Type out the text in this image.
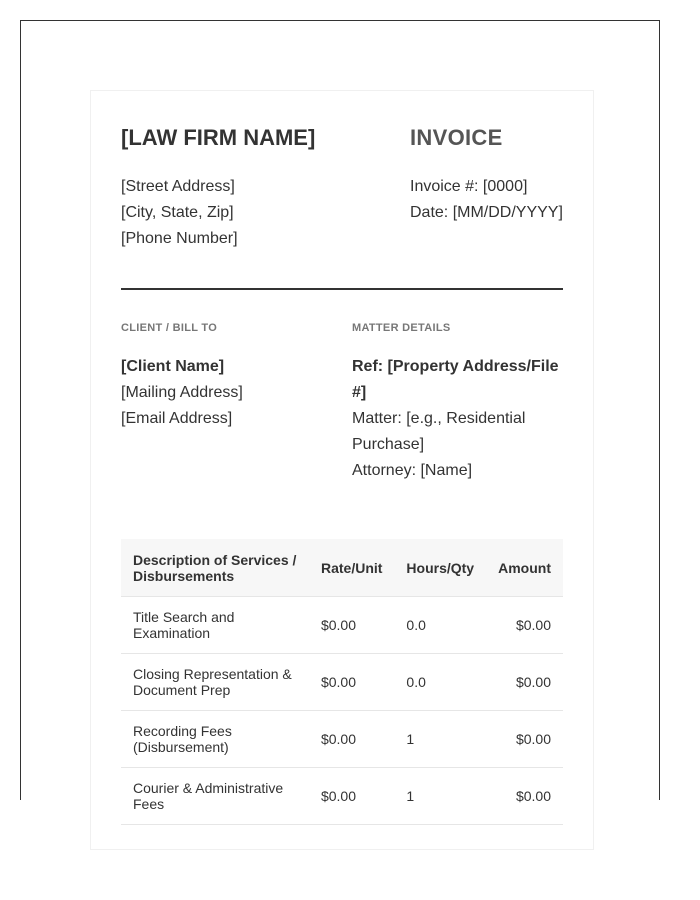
[LAW FIRM NAME]	INVOICE
[Street Address]
[City, State, Zip]
[Phone Number]
Invoice #: [0000]
Date: [MM/DD/YYYY]
CLIENT / BILL TO	MATTER DETAILS
[Client Name]
[Mailing Address]
[Email Address]
Ref: [Property Address/File #]
Matter: [e.g., Residential Purchase]
Attorney: [Name]
Description of Services / Disbursements	Rate/Unit	Hours/Qty	Amount
Title Search and Examination	$0.00	0.0	$0.00
Closing Representation & Document Prep	$0.00	0.0	$0.00
Recording Fees (Disbursement)	$0.00	1	$0.00
Courier & Administrative Fees	$0.00	1	$0.00
